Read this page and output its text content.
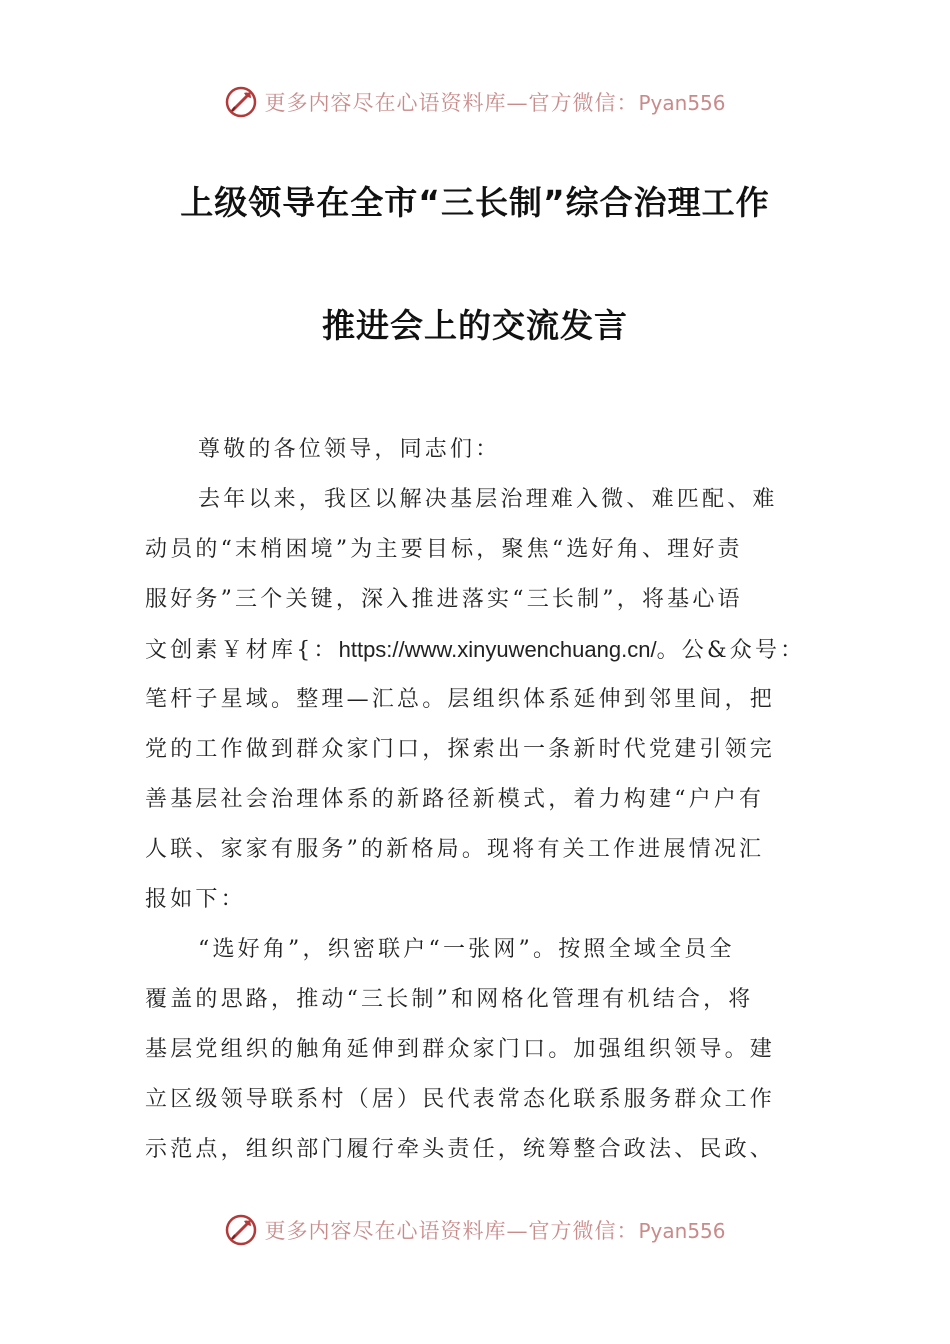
更多内容尽在心语资料库—官方微信：Pyan556
上级领导在全市“三长制”综合治理工作
推进会上的交流发言
尊敬的各位领导，同志们：
去年以来，我区以解决基层治理难入微、难匹配、难
动员的“末梢困境”为主要目标，聚焦“选好角、理好责
服好务”三个关键，深入推进落实“三长制”，将基心语
文创素￥材库{：https://www.xinyuwenchuang.cn/。公&众号：
笔杆子星域。整理—汇总。层组织体系延伸到邻里间，把
党的工作做到群众家门口，探索出一条新时代党建引领完
善基层社会治理体系的新路径新模式，着力构建“户户有
人联、家家有服务”的新格局。现将有关工作进展情况汇
报如下：
“选好角”，织密联户“一张网”。按照全域全员全
覆盖的思路，推动“三长制”和网格化管理有机结合，将
基层党组织的触角延伸到群众家门口。加强组织领导。建
立区级领导联系村（居）民代表常态化联系服务群众工作
示范点，组织部门履行牵头责任，统筹整合政法、民政、
更多内容尽在心语资料库—官方微信：Pyan556
